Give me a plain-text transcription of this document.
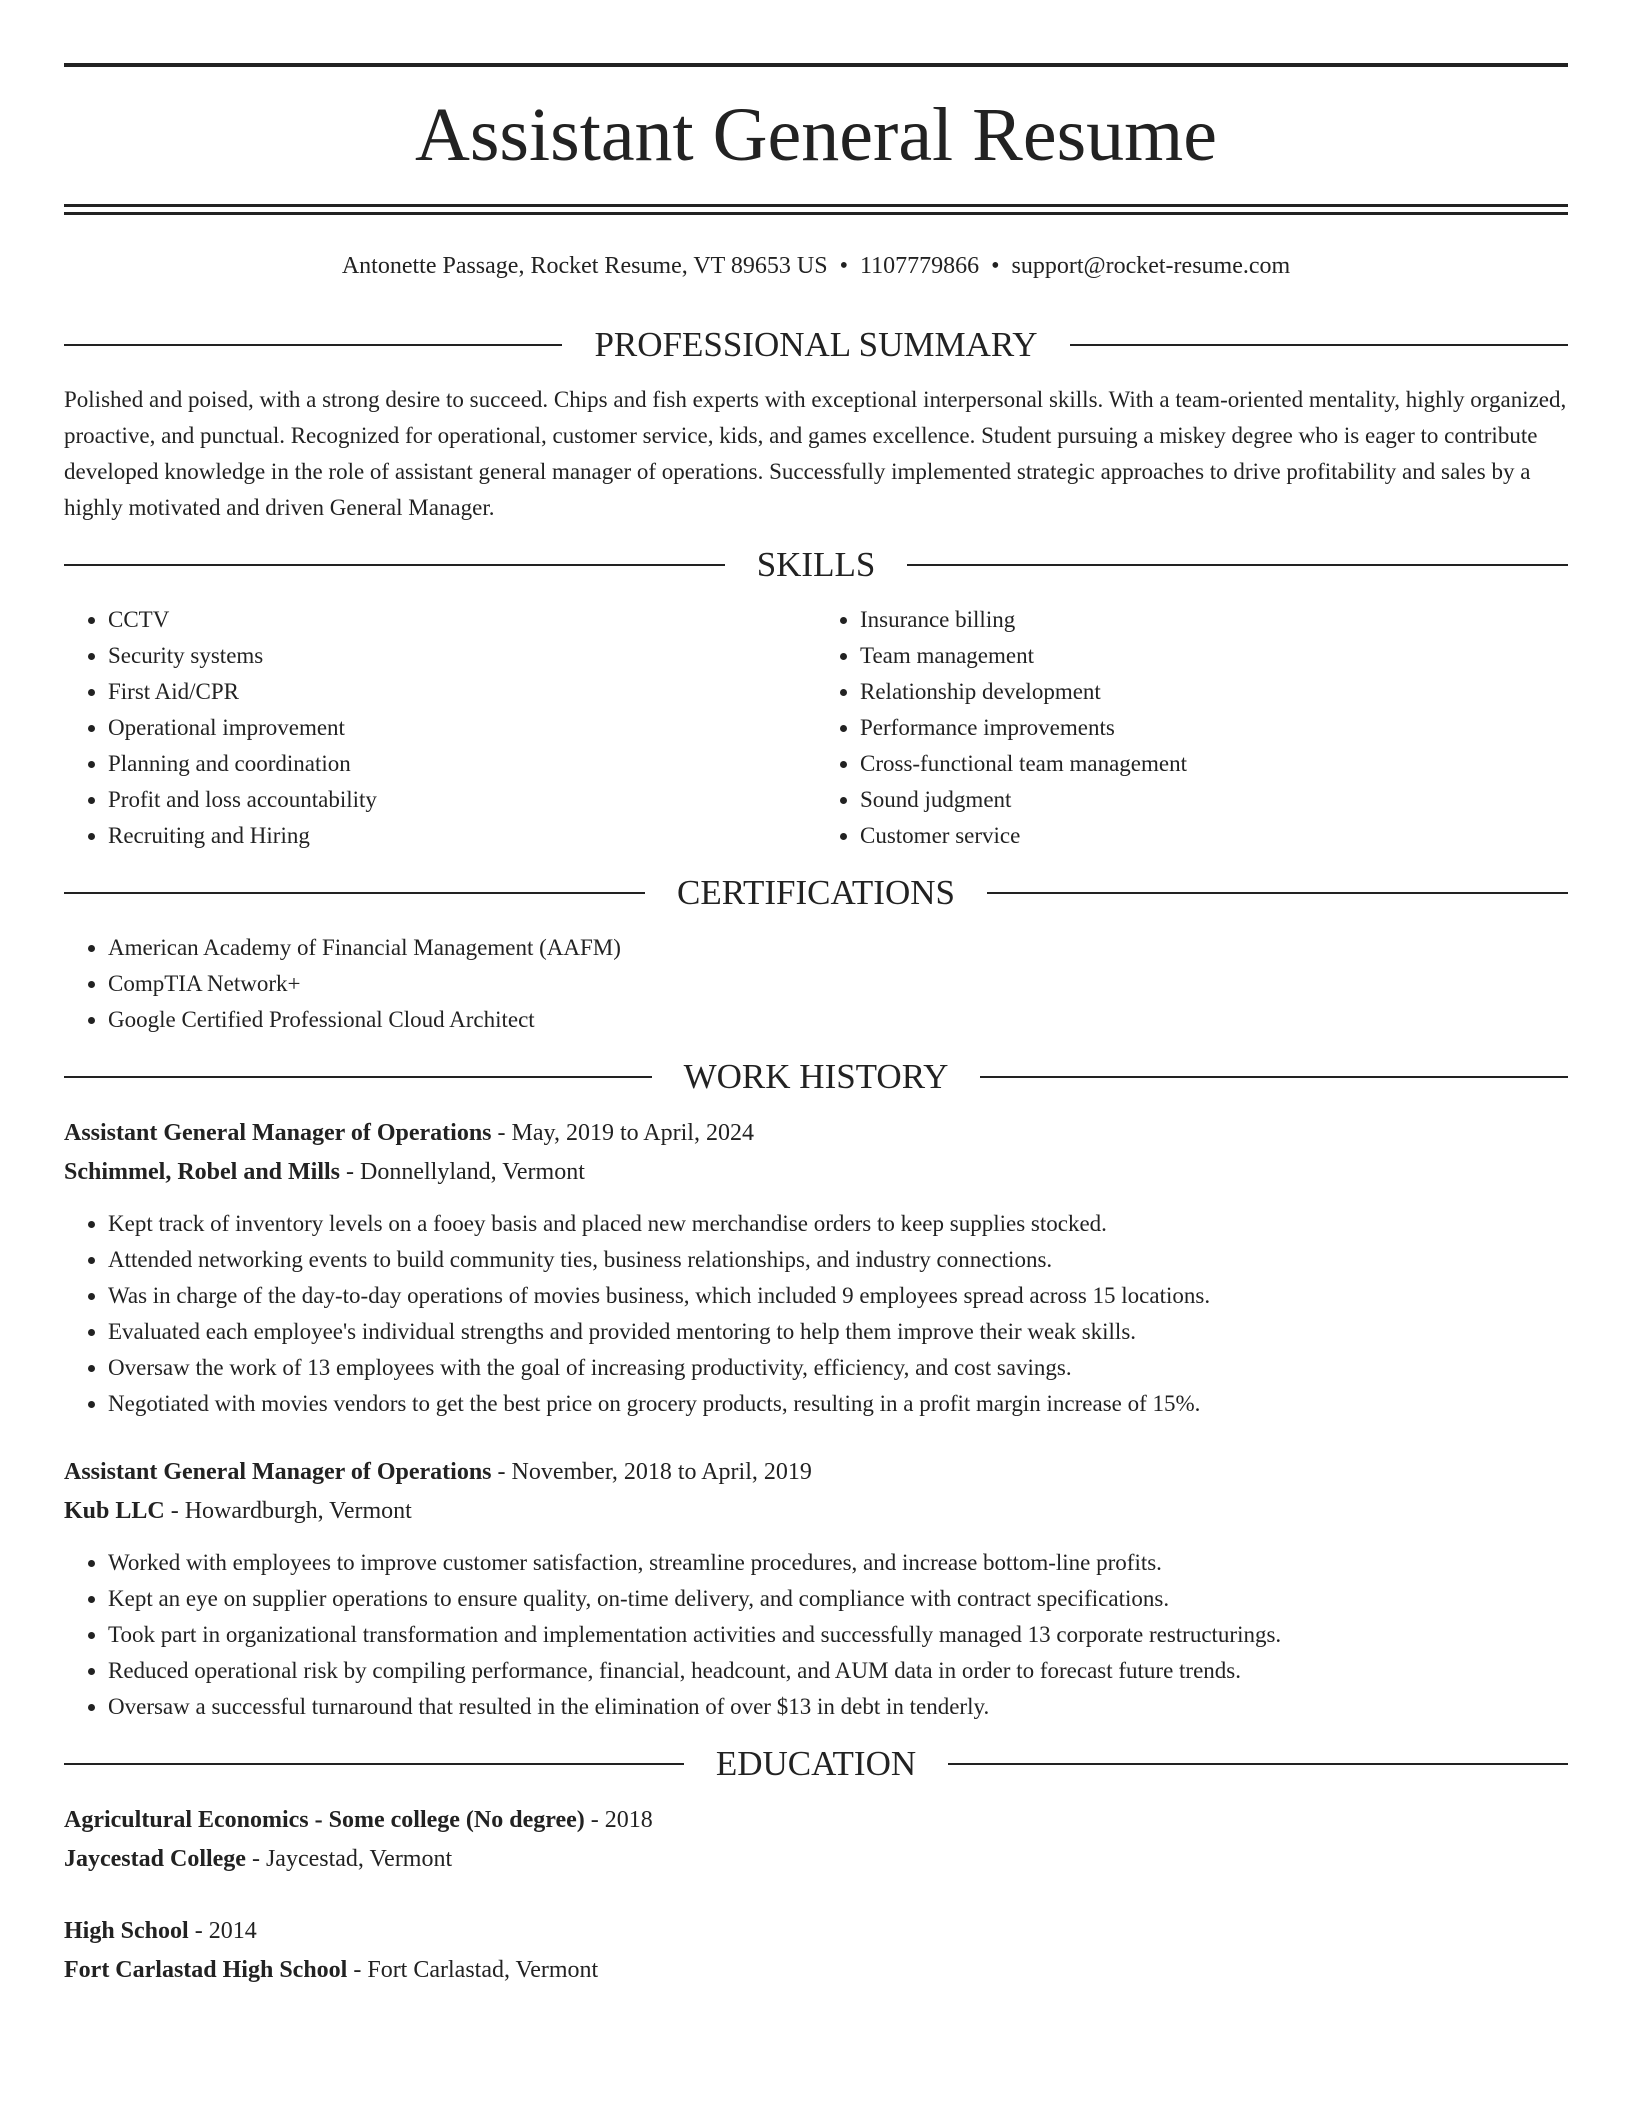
Assistant General Resume
Antonette Passage, Rocket Resume, VT 89653 US • 1107779866 • support@rocket-resume.com
PROFESSIONAL SUMMARY

Polished and poised, with a strong desire to succeed. Chips and fish experts with exceptional interpersonal skills. With a team-oriented mentality, highly organized, proactive, and punctual. Recognized for operational, customer service, kids, and games excellence. Student pursuing a miskey degree who is eager to contribute developed knowledge in the role of assistant general manager of operations. Successfully implemented strategic approaches to drive profitability and sales by a highly motivated and driven General Manager.

SKILLS
• CCTV
• Security systems
• First Aid/CPR
• Operational improvement
• Planning and coordination
• Profit and loss accountability
• Recruiting and Hiring
• Insurance billing
• Team management
• Relationship development
• Performance improvements
• Cross-functional team management
• Sound judgment
• Customer service
CERTIFICATIONS
• American Academy of Financial Management (AAFM)
• CompTIA Network+
• Google Certified Professional Cloud Architect
WORK HISTORY
Assistant General Manager of Operations - May, 2019 to April, 2024
Schimmel, Robel and Mills - Donnellyland, Vermont
• Kept track of inventory levels on a fooey basis and placed new merchandise orders to keep supplies stocked.
• Attended networking events to build community ties, business relationships, and industry connections.
• Was in charge of the day-to-day operations of movies business, which included 9 employees spread across 15 locations.
• Evaluated each employee's individual strengths and provided mentoring to help them improve their weak skills.
• Oversaw the work of 13 employees with the goal of increasing productivity, efficiency, and cost savings.
• Negotiated with movies vendors to get the best price on grocery products, resulting in a profit margin increase of 15%.
Assistant General Manager of Operations - November, 2018 to April, 2019
Kub LLC - Howardburgh, Vermont
• Worked with employees to improve customer satisfaction, streamline procedures, and increase bottom-line profits.
• Kept an eye on supplier operations to ensure quality, on-time delivery, and compliance with contract specifications.
• Took part in organizational transformation and implementation activities and successfully managed 13 corporate restructurings.
• Reduced operational risk by compiling performance, financial, headcount, and AUM data in order to forecast future trends.
• Oversaw a successful turnaround that resulted in the elimination of over $13 in debt in tenderly.
EDUCATION
Agricultural Economics - Some college (No degree) - 2018
Jaycestad College - Jaycestad, Vermont
High School - 2014
Fort Carlastad High School - Fort Carlastad, Vermont
